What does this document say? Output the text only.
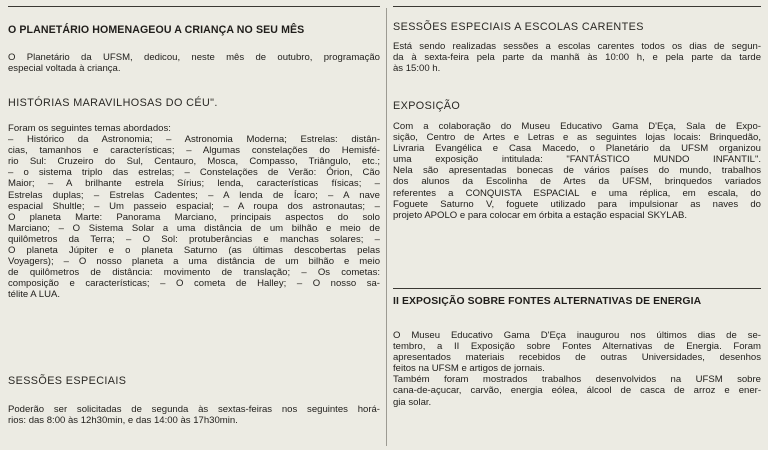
O PLANETÁRIO HOMENAGEOU A CRIANÇA NO SEU MÊS

O Planetário da UFSM, dedicou, neste mês de outubro, programação
especial voltada à criança.

HISTÓRIAS MARAVILHOSAS DO CÉU".

Foram os seguintes temas abordados:
– Histórico da Astronomia; – Astronomia Moderna; Estrelas: distân-
cias, tamanhos e características; – Algumas constelações do Hemisfé-
rio Sul: Cruzeiro do Sul, Centauro, Mosca, Compasso, Triângulo, etc.;
– o sistema triplo das estrelas; – Constelações de Verão: Órion, Cão
Maior; – A brilhante estrela Sírius; lenda, características físicas; –
Estrelas duplas; – Estrelas Cadentes; – A lenda de Ícaro; – A nave
espacial Shultle; – Um passeio espacial; – A roupa dos astronautas; –
O planeta Marte: Panorama Marciano, principais aspectos do solo
Marciano; – O Sistema Solar a uma distância de um bilhão e meio de
quilômetros da Terra; – O Sol: protuberâncias e manchas solares; –
O planeta Júpiter e o planeta Saturno (as últimas descobertas pelas
Voyagers); – O nosso planeta a uma distância de um bilhão e meio
de quilômetros de distância: movimento de translação; – Os cometas:
composição e características; – O cometa de Halley; – O nosso sa-
télite A LUA.

SESSÕES ESPECIAIS

Poderão ser solicitadas de segunda às sextas-feiras nos seguintes horá-
rios: das 8:00 às 12h30min, e das 14:00 às 17h30min.

SESSÕES ESPECIAIS A ESCOLAS CARENTES

Está sendo realizadas sessões a escolas carentes todos os dias de segun-
da à sexta-feira pela parte da manhã às 10:00 h, e pela parte da tarde
às 15:00 h.

EXPOSIÇÃO

Com a colaboração do Museu Educativo Gama D'Eça, Sala de Expo-
sição, Centro de Artes e Letras e as seguintes lojas locais: Brinquedão,
Livraria Evangélica e Casa Macedo, o Planetário da UFSM organizou
uma exposição intitulada: "FANTÁSTICO MUNDO INFANTIL".
Nela são apresentadas bonecas de vários países do mundo, trabalhos
dos alunos da Escolinha de Artes da UFSM, brinquedos variados
referentes a CONQUISTA ESPACIAL e uma réplica, em escala, do
Foguete Saturno V, foguete utilizado para impulsionar as naves do
projeto APOLO e para colocar em órbita a estação espacial SKYLAB.

II EXPOSIÇÃO SOBRE FONTES ALTERNATIVAS DE ENERGIA

O Museu Educativo Gama D'Eça inaugurou nos últimos dias de se-
tembro, a II Exposição sobre Fontes Alternativas de Energia. Foram
apresentados materiais recebidos de outras Universidades, desenhos
feitos na UFSM e artigos de jornais.
Também foram mostrados trabalhos desenvolvidos na UFSM sobre
cana-de-açucar, carvão, energia eólea, álcool de casca de arroz e ener-
gia solar.
